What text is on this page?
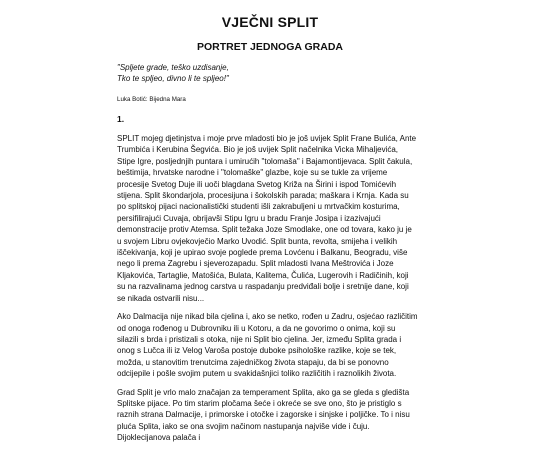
VJEČNI SPLIT
PORTRET JEDNOGA GRADA
"Splјete grade, teško uzdisanje,
Tko te spljeo, divno li te spljeo!"
Luka Botić: Bijedna Mara
1.

SPLIT mojeg djetinjstva i moje prve mladosti bio je još uvijek Split Frane Bulića, Ante Trumbića i Kerubina Šegvića. Bio je još uvijek Split načelnika Vicka Mihaljevića, Stipe Igre, posljednjih puntara i umirućih "tolomaša" i Bajamontijevaca. Split čakula, beštimija, hrvatske narodne i "tolomaške" glazbe, koje su se tukle za vrijeme procesije Svetog Duje ili uoči blagdana Svetog Križa na Širini i ispod Tomićevih stijena. Split škondarjola, procesijuna i šokolskih parada; maškara i Krnja. Kada su po splitskoj pijaci nacionalistički studenti išli zakrabuljeni u mrtvačkim kosturima, persifilirajući Cuvaja, obrijavši Stipu Igru u bradu Franje Josipa i izazivajući demonstracije protiv Atemsa. Split težaka Joze Smodlake, one od tovara, kako ju je u svojem Libru ovjekovječio Marko Uvodić. Split bunta, revolta, smijeha i velikih iščekivanja, koji je upirao svoje poglede prema Lovćenu i Balkanu, Beogradu, više nego li prema Zagrebu i sjeverozapadu. Split mladosti Ivana Meštrovića i Joze Kljakovića, Tartaglie, Matošića, Bulata, Kalitema, Čulića, Lugerovih i Radičinih, koji su na razvalinama jednog carstva u raspadanju predviđali bolje i sretnije dane, koji se nikada ostvarili nisu...

Ako Dalmacija nije nikad bila cjelina i, ako se netko, rođen u Zadru, osjećao različitim od onoga rođenog u Dubrovniku ili u Kotoru, a da ne govorimo o onima, koji su silazili s brda i pristizali s otoka, nije ni Split bio cjelina. Jer, između Splita grada i onog s Lučca ili iz Velog Varoša postoje duboke psihološke razlike, koje se tek, možda, u stanovitim trenutcima zajedničkog života stapaju, da bi se ponovno odcijepile i pošle svojim putem u svakidašnjici toliko različitih i raznolikih života.

Grad Split je vrlo malo značajan za temperament Splita, ako ga se gleda s gledišta Splitske pijace. Po tim starim pločama šeće i okreće se sve ono, što je pristiglo s raznih strana Dalmacije, i primorske i otočke i zagorske i sinjske i poljičke. To i nisu pluća Splita, iako se ona svojim načinom nastupanja najviše vide i čuju. Dijoklecijanova palača i
